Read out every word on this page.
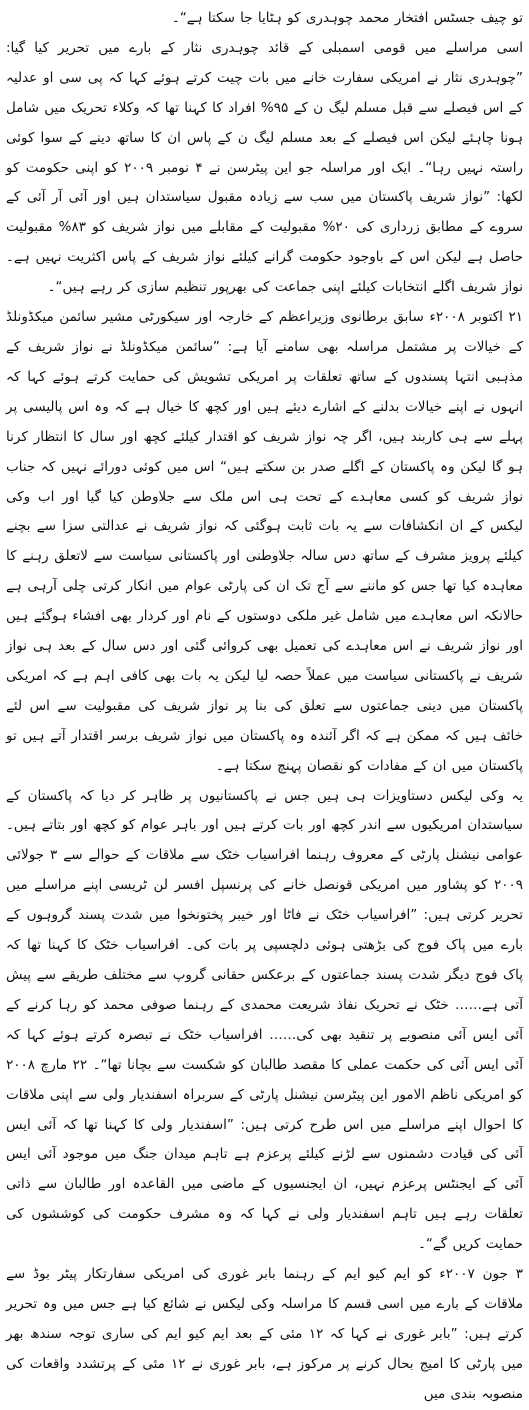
تو چیف جسٹس افتخار محمد چوہدری کو ہٹایا جا سکتا ہے“۔

اسی مراسلے میں قومی اسمبلی کے قائد چوہدری نثار کے بارے میں تحریر کیا گیا: ”چوہدری نثار نے امریکی سفارت خانے میں بات چیت کرتے ہوئے کہا کہ پی سی او عدلیہ کے اس فیصلے سے قبل مسلم لیگ ن کے ۹۵% افراد کا کہنا تھا کہ وکلاء تحریک میں شامل ہونا چاہئے لیکن اس فیصلے کے بعد مسلم لیگ ن کے پاس ان کا ساتھ دینے کے سوا کوئی راستہ نہیں رہا“۔ ایک اور مراسلہ جو این پیٹرسن نے ۴ نومبر ۲۰۰۹ کو اپنی حکومت کو لکھا: ”نواز شریف پاکستان میں سب سے زیادہ مقبول سیاستدان ہیں اور آئی آر آئی کے سروے کے مطابق زرداری کی ۲۰% مقبولیت کے مقابلے میں نواز شریف کو ۸۳% مقبولیت حاصل ہے لیکن اس کے باوجود حکومت گرانے کیلئے نواز شریف کے پاس اکثریت نہیں ہے۔ نواز شریف اگلے انتخابات کیلئے اپنی جماعت کی بھرپور تنظیم سازی کر رہے ہیں“۔

۲۱ اکتوبر ۲۰۰۸ء سابق برطانوی وزیراعظم کے خارجہ اور سیکورٹی مشیر سائمن میکڈونلڈ کے خیالات پر مشتمل مراسلہ بھی سامنے آیا ہے: ”سائمن میکڈونلڈ نے نواز شریف کے مذہبی انتہا پسندوں کے ساتھ تعلقات پر امریکی تشویش کی حمایت کرتے ہوئے کہا کہ انہوں نے اپنے خیالات بدلنے کے اشارے دیئے ہیں اور کچھ کا خیال ہے کہ وہ اس پالیسی پر پہلے سے ہی کاربند ہیں، اگر چہ نواز شریف کو اقتدار کیلئے کچھ اور سال کا انتظار کرنا ہو گا لیکن وہ پاکستان کے اگلے صدر بن سکتے ہیں“ اس میں کوئی دورائے نہیں کہ جناب نواز شریف کو کسی معاہدے کے تحت ہی اس ملک سے جلاوطن کیا گیا اور اب وکی لیکس کے ان انکشافات سے یہ بات ثابت ہوگئی کہ نواز شریف نے عدالتی سزا سے بچنے کیلئے پرویز مشرف کے ساتھ دس سالہ جلاوطنی اور پاکستانی سیاست سے لاتعلق رہنے کا معاہدہ کیا تھا جس کو ماننے سے آج تک ان کی پارٹی عوام میں انکار کرتی چلی آرہی ہے حالانکہ اس معاہدے میں شامل غیر ملکی دوستوں کے نام اور کردار بھی افشاء ہوگئے ہیں اور نواز شریف نے اس معاہدے کی تعمیل بھی کروائی گئی اور دس سال کے بعد ہی نواز شریف نے پاکستانی سیاست میں عملاً حصہ لیا لیکن یہ بات بھی کافی اہم ہے کہ امریکی پاکستان میں دینی جماعتوں سے تعلق کی بنا پر نواز شریف کی مقبولیت سے اس لئے خائف ہیں کہ ممکن ہے کہ اگر آئندہ وہ پاکستان میں نواز شریف برسر اقتدار آتے ہیں تو پاکستان میں ان کے مفادات کو نقصان پہنچ سکتا ہے۔

یہ وکی لیکس دستاویزات ہی ہیں جس نے پاکستانیوں پر ظاہر کر دیا کہ پاکستان کے سیاستدان امریکیوں سے اندر کچھ اور بات کرتے ہیں اور باہر عوام کو کچھ اور بتاتے ہیں۔ عوامی نیشنل پارٹی کے معروف رہنما افراسیاب خٹک سے ملاقات کے حوالے سے ۳ جولائی ۲۰۰۹ کو پشاور میں امریکی قونصل خانے کی پرنسپل افسر لن ٹریسی اپنے مراسلے میں تحریر کرتی ہیں: ”افراسیاب خٹک نے فاٹا اور خیبر پختونخوا میں شدت پسند گروہوں کے بارے میں پاک فوج کی بڑھتی ہوئی دلچسپی پر بات کی۔ افراسیاب خٹک کا کہنا تھا کہ پاک فوج دیگر شدت پسند جماعتوں کے برعکس حقانی گروپ سے مختلف طریقے سے پیش آتی ہے…… خٹک نے تحریک نفاذ شریعت محمدی کے رہنما صوفی محمد کو رہا کرنے کے آئی ایس آئی منصوبے پر تنقید بھی کی…… افراسیاب خٹک نے تبصرہ کرتے ہوئے کہا کہ آئی ایس آئی کی حکمت عملی کا مقصد طالبان کو شکست سے بچانا تھا“۔ ۲۲ مارچ ۲۰۰۸ کو امریکی ناظم الامور این پیٹرسن نیشنل پارٹی کے سربراہ اسفندیار ولی سے اپنی ملاقات کا احوال اپنے مراسلے میں اس طرح کرتی ہیں: ”اسفندیار ولی کا کہنا تھا کہ آئی ایس آئی کی قیادت دشمنوں سے لڑنے کیلئے پرعزم ہے تاہم میدان جنگ میں موجود آئی ایس آئی کے ایجنٹس پرعزم نہیں، ان ایجنسیوں کے ماضی میں القاعدہ اور طالبان سے ذاتی تعلقات رہے ہیں تاہم اسفندیار ولی نے کہا کہ وہ مشرف حکومت کی کوششوں کی حمایت کریں گے“۔

۳ جون ۲۰۰۷ء کو ایم کیو ایم کے رہنما بابر غوری کی امریکی سفارتکار پیٹر بوڈ سے ملاقات کے بارے میں اسی قسم کا مراسلہ وکی لیکس نے شائع کیا ہے جس میں وہ تحریر کرتے ہیں: ”بابر غوری نے کہا کہ ۱۲ مئی کے بعد ایم کیو ایم کی ساری توجہ سندھ بھر میں پارٹی کا امیج بحال کرنے پر مرکوز ہے، بابر غوری نے ۱۲ مئی کے پرتشدد واقعات کی منصوبہ بندی میں
